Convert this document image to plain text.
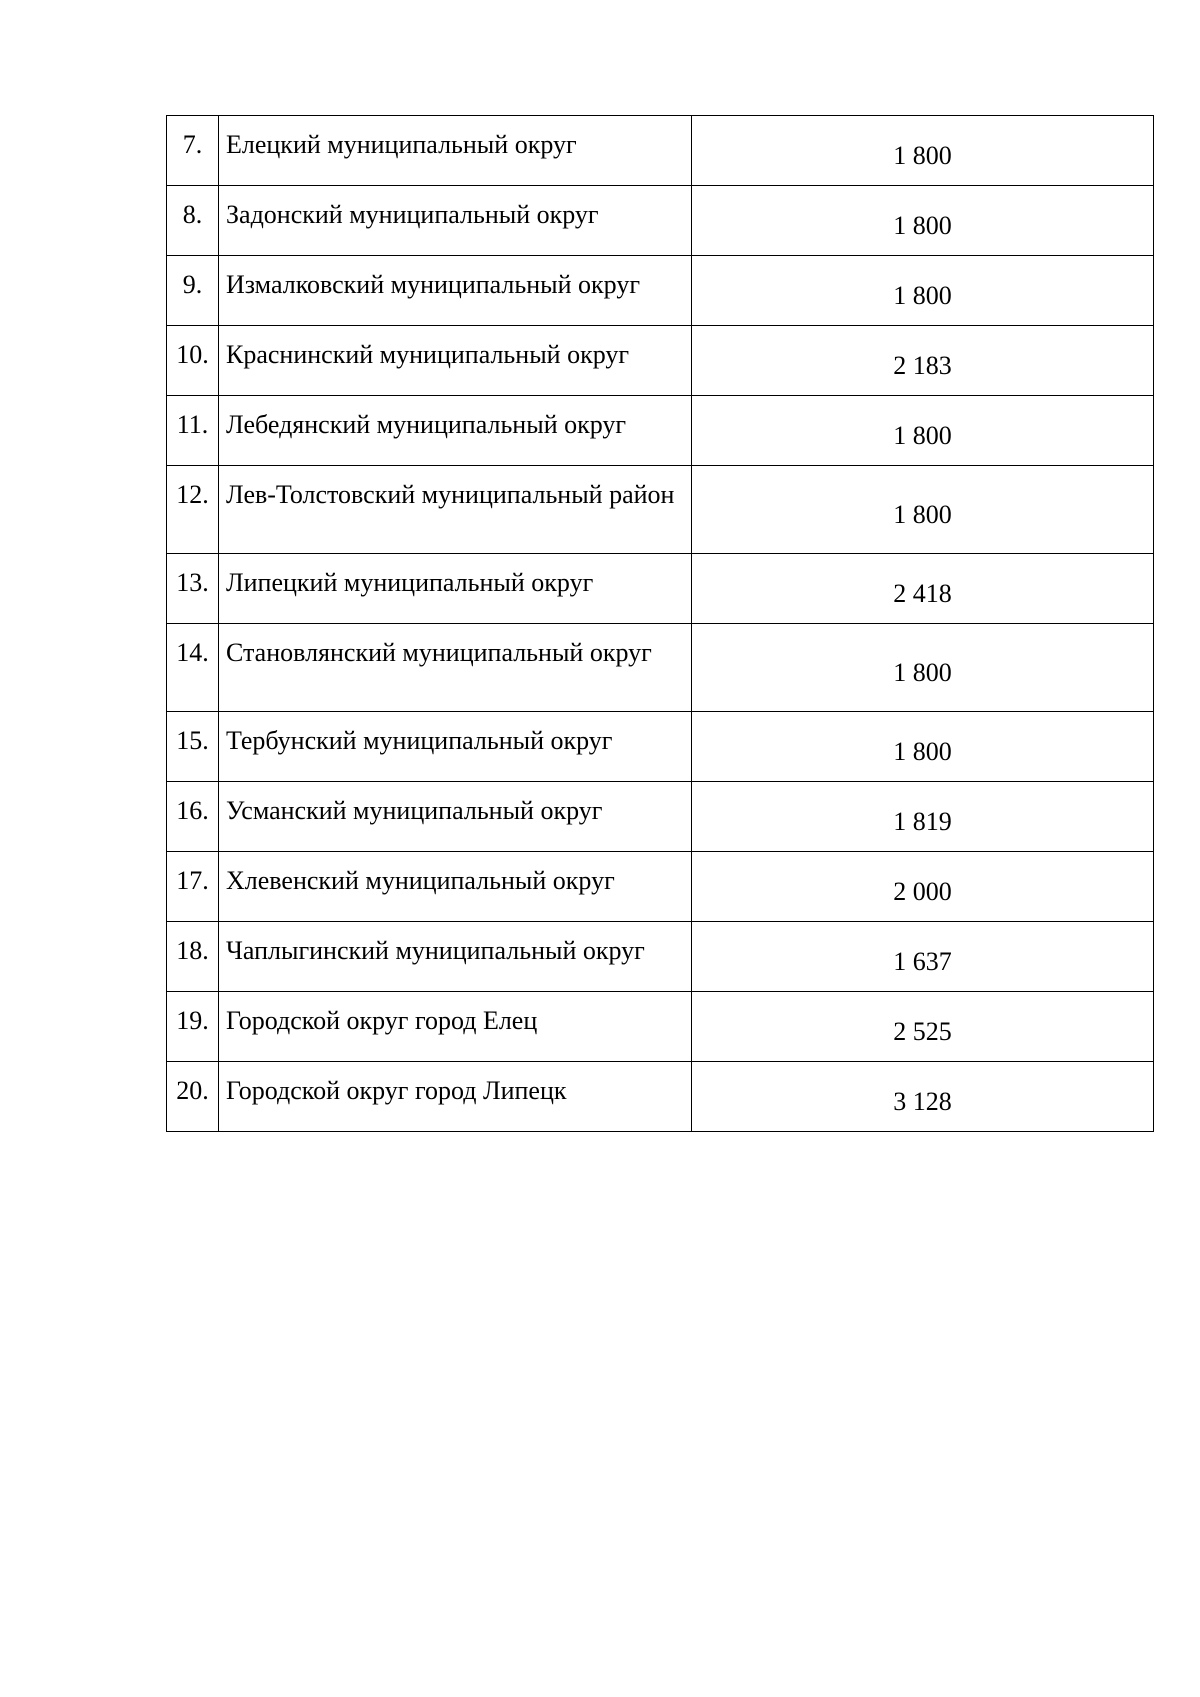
7.	Елецкий муниципальный округ	1 800
8.	Задонский муниципальный округ	1 800
9.	Измалковский муниципальный округ	1 800
10.	Краснинский муниципальный округ	2 183
11.	Лебедянский муниципальный округ	1 800
12.	Лев-Толстовский муниципальный район	1 800
13.	Липецкий муниципальный округ	2 418
14.	Становлянский муниципальный округ	1 800
15.	Тербунский муниципальный округ	1 800
16.	Усманский муниципальный округ	1 819
17.	Хлевенский муниципальный округ	2 000
18.	Чаплыгинский муниципальный округ	1 637
19.	Городской округ город Елец	2 525
20.	Городской округ город Липецк	3 128
